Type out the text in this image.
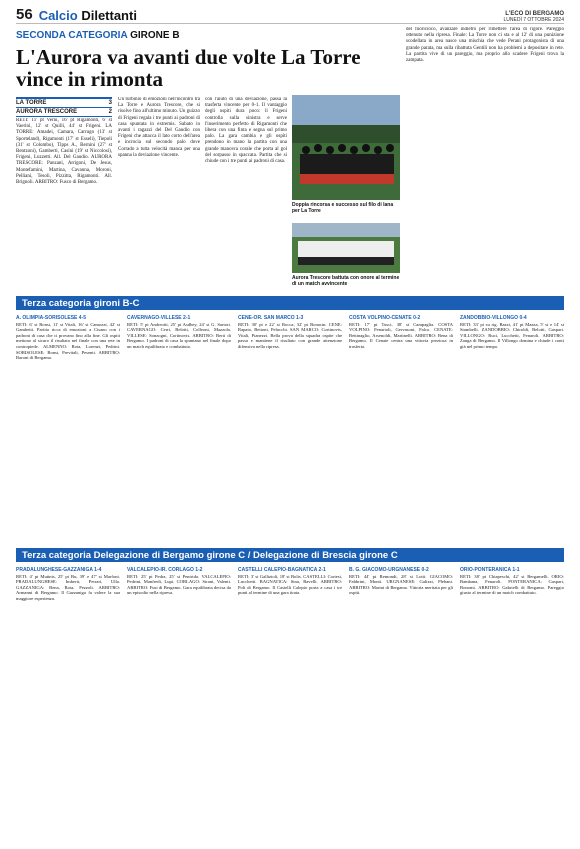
56 Calcio Dilettanti	L'ECO DI BERGAMO
LUNEDÌ 7 OTTOBRE 2024
SECONDA CATEGORIA GIRONE B
L'Aurora va avanti due volte La Torre vince in rimonta
LA TORRE	3
AURORA TRESCORE	2
RETI: 11' pt Verni, 16' pt Rigamonti, 6' st Vaerini, 12' st Quilli, 44' st Frigeni. LA TORRE: Amadei, Camara, Carrugo (13' st Sporteland), Rigamonti (17' st Esseli), Tiepoli (31' st Colombo), Tipps A., Bernini (27' st Bentzoni), Gamberti, Casini (19' st Niccolosi), Frigeni, Luzzetti. All. Del Gaudio. AURORA TRESCORE: Panzani, Arrigoni, De Jesus, Montefamini, Martina, Cavanna, Moroni, Pelliani, Tesoli, Pizzitta, Rigamonti. All. Brignoli. ARBITRO: Fusco di Bergamo.
Un turbinio di emozioni nell'incontro tra La Torre e Aurora Trescore, che si risolve fino all'ultimo minuto. Un guizzo di Frigeni regala i tre punti ai padroni di casa spuntata in extremis. Sabato in avanti i ragazzi del Del Gaudio con Frigeni che attacca il lato corto dell'area e incrocia sul secondo palo dove Corrado a tutta velocità manca per una spanna la deviazione vincente.
con l'aiuto di una deviazione, passa la trasferta vincente per 0-1. Il vantaggio degli ospiti dura poco: il Frigeni controlla sulla sinistra e serve l'inserimento perfetto di Rigamonti che libera con una finta e segna sul primo palo. La gara cambia e gli ospiti prendono in mano la partita con una grande manovra corale che porta al gol del sorpasso in spaccata. Partita che si chiude con i tre punti ai padroni di casa.
Doppia rincorsa e successo sul filo di lana per La Torre
Aurora Trescore battuta con onore al termine di un match avvincente
del fuoricioco, avanzare indietro per rimettere l'area di rigore. Pareggio ottenuto nella ripresa. Finale: La Torre non ci sta e al 12' di una punizione scodellata in area nasce una mischia che vede Perani protagonista di una grande parata, ma sulla ribattuta Gentili non ha problemi a depositare in rete. La partita vive di un pareggio, ma proprio allo scadere Frigeni trova la zampata.
Terza categoria gironi B-C
A. OLIMPIA-SORISOLESE 4-5

RETI: 6' st Bonsi, 11' st Vitali, 16' st Camozzi, 42' st Gambetti. Partita ricca di emozioni a Cisano con i padroni di casa che ci provano fino alla fine. Gli ospiti mettono al sicuro il risultato nel finale con una rete in contropiede. ALMENNO: Rota, Lorenzi, Pedrini. SORISOLESE: Bonsi, Previtali, Pesenti. ARBITRO: Baroni di Bergamo.

CAVERNAGO-VILLESE 2-1

RETI: 5' pt Andreotti, 25' pt Asdhey, 24' st G. Sartori. CAVERNAGO: Cerri, Belotti, Colleoni, Mazzola. VILLESE: Sonzogni, Cortinovis. ARBITRO: Berti di Bergamo. I padroni di casa la spuntano nel finale dopo un match equilibrato e combattuto.

CENE-OR. SAN MARCO 1-3

RETI: 30' pt e 22' st Rocca, 32' pt Bonacin. CENE: Rapato, Bettoni, Pelucchi. SAN MARCO: Cortinovis, Vitali, Pianezzi. Bella prova della squadra ospite che passa e mantiene il risultato con grande attenzione difensiva nella ripresa.

COSTA VOLPINO-CENATE 0-2

RETI: 17' pt Tusci, 38' st Campaglia. COSTA VOLPINO: Fenarioli, Gervasoni, Falco. CENATE: Bettinaglio, Arsenoldi, Martinelli. ARBITRO: Bena di Bergamo. Il Cenate centra una vittoria preziosa in trasferta.

ZANDOBBIO-VILLONGO 0-4

RETI: 33' pt su rig. Bazzi, 41' pt Mazza, 5' st e 14' st Stambelli. ZANDOBBIO: Chiroldi, Belotti, Gaspari. VILLONGO: Ruci, Lucchetti, Fenaroli. ARBITRO: Zanga di Bergamo. Il Villongo domina e chiude i conti già nel primo tempo.

Terza categoria Delegazione di Bergamo girone C / Delegazione di Brescia girone C
PRADALUNGHESE-GAZZANIGA 1-4

RETI: 4' pt Mutinis, 25' pt Bu, 39' e 47' st Marfoni. PRADALUNGHESE: Imberti, Perrari, Ulla. GAZZANIGA: Bena, Rota, Pezzoli. ARBITRO: Armanni di Bergamo. Il Gazzaniga fa valere la sua maggiore esperienza.

VALCALEPIO-IR. CORLAGO 1-2

RETI: 25' pt Pedra, 25' st Pentrida. VALCALEPIO: Pedrini, Manfredi, Lupi. CORLAGO: Sirani, Valenti. ARBITRO: Fusi di Bergamo. Gara equilibrata decisa da un episodio nella ripresa.

CASTELLI CALEPIO-BAGNATICA 2-1

RETI: 3' st Gallizioli, 18' st Bolis. CASTELLI: Cortesi, Lucchetti. BAGNATICA: Sina, Ravelli. ARBITRO: Poli di Bergamo. Il Castelli Calepio porta a casa i tre punti al termine di una gara tirata.

B. G. GIACOMO-URGNANESE 0-2

RETI: 44' pt Remondi, 28' st Lotti. GIACOMO: Fabbrini, Monti. URGNANESE: Galizzi, Plebani. ARBITRO: Marini di Bergamo. Vittoria meritata per gli ospiti.

ORIO-PONTERANICA 1-1

RETI: 38' pt Chiapeschi, 42' st Bergamelli. ORIO: Bambana, Fenaroli. PONTERANICA: Gaspari, Bonomi. ARBITRO: Gabrielli di Bergamo. Pareggio giusto al termine di un match combattuto.
